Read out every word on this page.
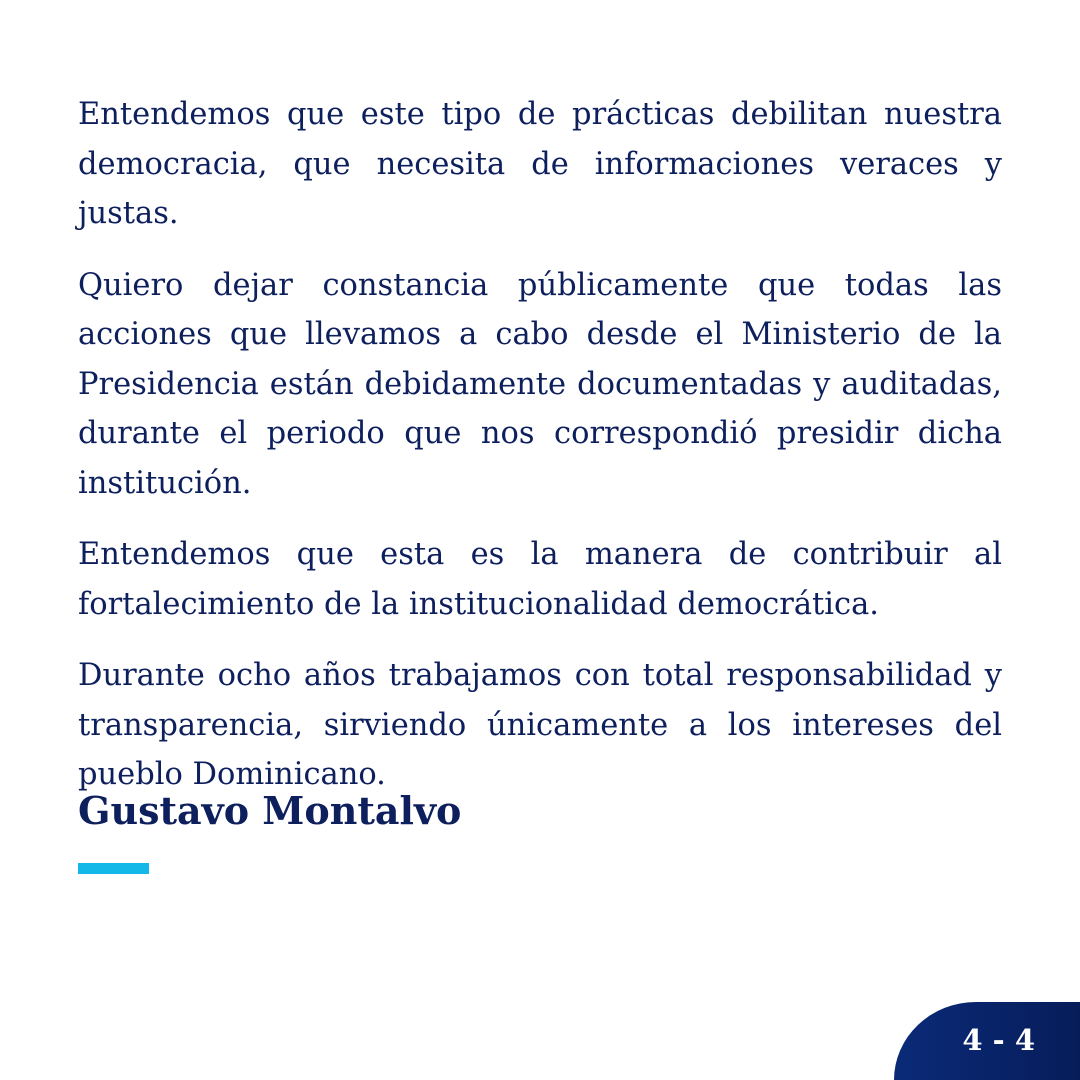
Entendemos que este tipo de prácticas debilitan nuestra democracia, que necesita de informaciones veraces y justas.

Quiero dejar constancia públicamente que todas las acciones que llevamos a cabo desde el Ministerio de la Presidencia están debidamente documentadas y auditadas, durante el periodo que nos correspondió presidir dicha institución.

Entendemos que esta es la manera de contribuir al fortalecimiento de la institucionalidad democrática.

Durante ocho años trabajamos con total responsabilidad y transparencia, sirviendo únicamente a los intereses del pueblo Dominicano.

Gustavo Montalvo

4 - 4
